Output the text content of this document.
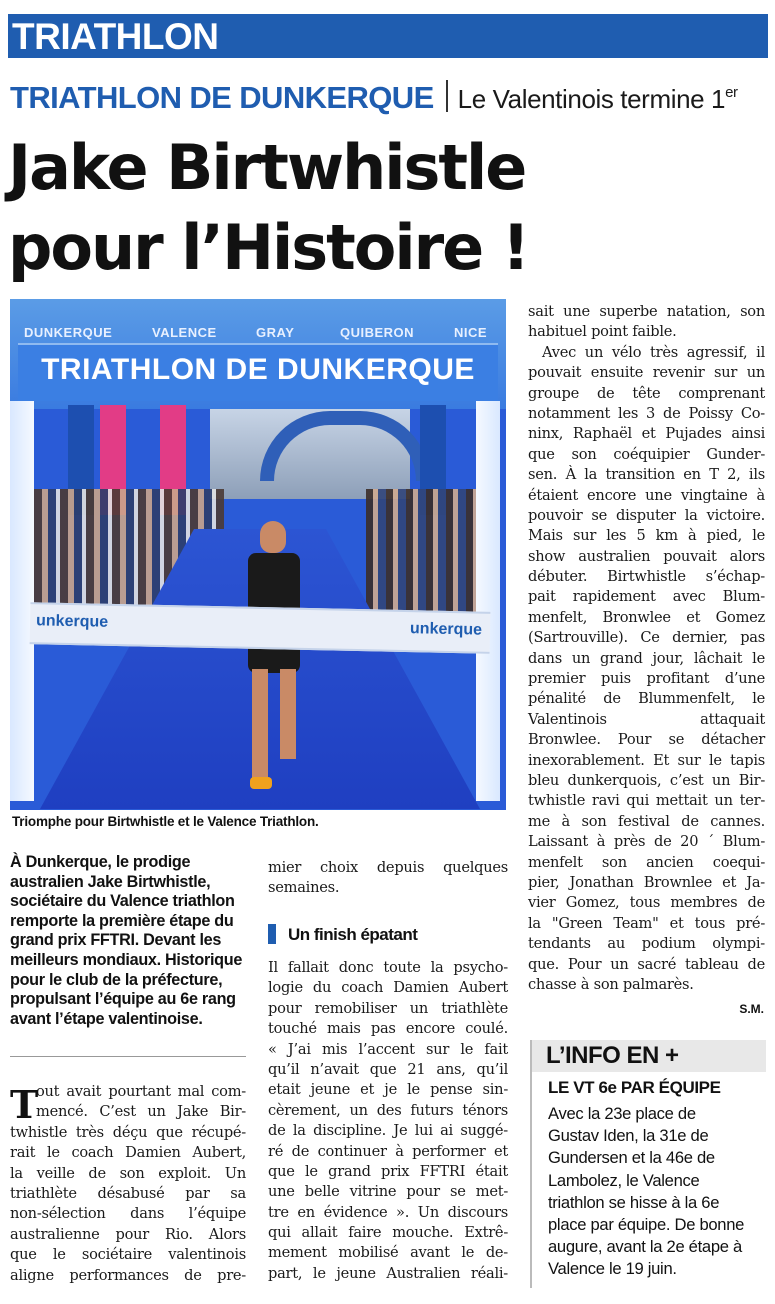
TRIATHLON
TRIATHLON DE DUNKERQUE Le Valentinois termine 1er
Jake Birtwhistle
pour l’Histoire !
DUNKERQUE	VALENCE	GRAY	QUIBERON	NICE
TRIATHLON DE DUNKERQUE
unkerque	unkerque
Triomphe pour Birtwhistle et le Valence Triathlon.
À Dunkerque, le prodige
australien Jake Birtwhistle,
sociétaire du Valence triathlon
remporte la première étape du
grand prix FFTRI. Devant les
meilleurs mondiaux. Historique
pour le club de la préfecture,
propulsant l’équipe au 6e rang
avant l’étape valentinoise.
T
out avait pourtant mal com-
mencé. C’est un Jake Bir-
twhistle très déçu que récupé-
rait le coach Damien Aubert,
la veille de son exploit. Un
triathlète désabusé par sa
non-sélection dans l’équipe
australienne pour Rio. Alors
que le sociétaire valentinois
aligne performances de pre-
mier choix depuis quelques
semaines.
Un finish épatant
Il fallait donc toute la psycho-
logie du coach Damien Aubert
pour remobiliser un triathlète
touché mais pas encore coulé.
« J’ai mis l’accent sur le fait
qu’il n’avait que 21 ans, qu’il
etait jeune et je le pense sin-
cèrement, un des futurs ténors
de la discipline. Je lui ai suggé-
ré de continuer à performer et
que le grand prix FFTRI était
une belle vitrine pour se met-
tre en évidence ». Un discours
qui allait faire mouche. Extrê-
mement mobilisé avant le de-
part, le jeune Australien réali-
sait une superbe natation, son
habituel point faible.
Avec un vélo très agressif, il
pouvait ensuite revenir sur un
groupe de tête comprenant
notamment les 3 de Poissy Co-
ninx, Raphaël et Pujades ainsi
que son coéquipier Gunder-
sen. À la transition en T 2, ils
étaient encore une vingtaine à
pouvoir se disputer la victoire.
Mais sur les 5 km à pied, le
show australien pouvait alors
débuter. Birtwhistle s’échap-
pait rapidement avec Blum-
menfelt, Bronwlee et Gomez
(Sartrouville). Ce dernier, pas
dans un grand jour, lâchait le
premier puis profitant d’une
pénalité de Blummenfelt, le
Valentinois attaquait
Bronwlee. Pour se détacher
inexorablement. Et sur le tapis
bleu dunkerquois, c’est un Bir-
twhistle ravi qui mettait un ter-
me à son festival de cannes.
Laissant à près de 20 ´ Blum-
menfelt son ancien coequi-
pier, Jonathan Brownlee et Ja-
vier Gomez, tous membres de
la "Green Team" et tous pré-
tendants au podium olympi-
que. Pour un sacré tableau de
chasse à son palmarès.
S.M.
L’INFO EN +
LE VT 6e PAR ÉQUIPE
Avec la 23e place de
Gustav Iden, la 31e de
Gundersen et la 46e de
Lambolez, le Valence
triathlon se hisse à la 6e
place par équipe. De bonne
augure, avant la 2e étape à
Valence le 19 juin.
